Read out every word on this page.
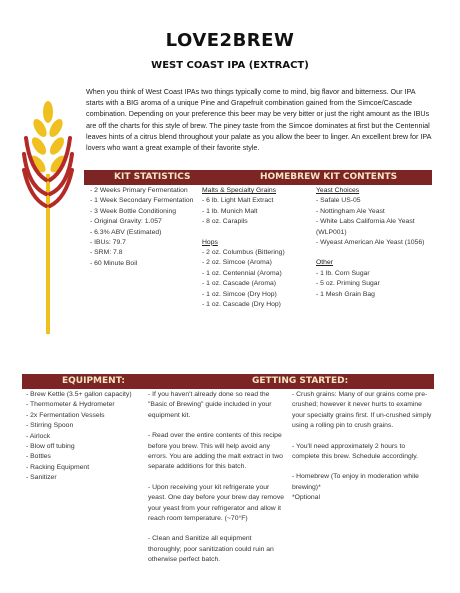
LOVE2BREW
WEST COAST IPA (EXTRACT)
When you think of West Coast IPAs two things typically come to mind, big flavor and bitterness. Our IPA starts with a BIG aroma of a unique Pine and Grapefruit combination gained from the Simcoe/Cascade combination. Depending on your preference this beer may be very bitter or just the right amount as the IBUs are off the charts for this style of brew. The piney taste from the Simcoe dominates at first but the Centennial leaves hints of a citrus blend throughout your palate as you allow the beer to linger. An excellent brew for IPA lovers who want a great example of their favorite style.
KIT STATISTICS	HOMEBREW KIT CONTENTS
- 2 Weeks Primary Fermentation
- 1 Week Secondary Fermentation
- 3 Week Bottle Conditioning
- Original Gravity: 1.057
- 6.3% ABV (Estimated)
- IBUs: 79.7
- SRM: 7.8
- 60 Minute Boil
Malts & Specialty Grains
- 6 lb. Light Malt Extract
- 1 lb. Munich Malt
- 8 oz. Carapils
Hops
- 2 oz. Columbus (Bittering)
- 2 oz. Simcoe (Aroma)
- 1 oz. Centennial (Aroma)
- 1 oz. Cascade (Aroma)
- 1 oz. Simcoe (Dry Hop)
- 1 oz. Cascade (Dry Hop)
Yeast Choices
- Safale US-05
- Nottingham Ale Yeast
- White Labs California Ale Yeast (WLP001)
- Wyeast American Ale Yeast (1056)
Other
- 1 lb. Corn Sugar
- 5 oz. Priming Sugar
- 1 Mesh Grain Bag
EQUIPMENT:	GETTING STARTED:
- Brew Kettle (3.5+ gallon capacity)
- Thermometer & Hydrometer
- 2x Fermentation Vessels
- Stirring Spoon
- Airlock
- Blow off tubing
- Bottles
- Racking Equipment
- Sanitizer
- If you haven't already done so read the "Basic of Brewing" guide included in your equipment kit.
- Read over the entire contents of this recipe before you brew. This will help avoid any errors. You are adding the malt extract in two separate additions for this batch.
- Upon receiving your kit refrigerate your yeast. One day before your brew day remove your yeast from your refrigerator and allow it reach room temperature. (~70°F)
- Clean and Sanitize all equipment thoroughly; poor sanitization could ruin an otherwise perfect batch.
- Crush grains: Many of our grains come pre-crushed; however it never hurts to examine your specialty grains first. If un-crushed simply using a rolling pin to crush grains.
- You'll need approximately 2 hours to complete this brew. Schedule accordingly.
- Homebrew (To enjoy in moderation while brewing)*
*Optional
